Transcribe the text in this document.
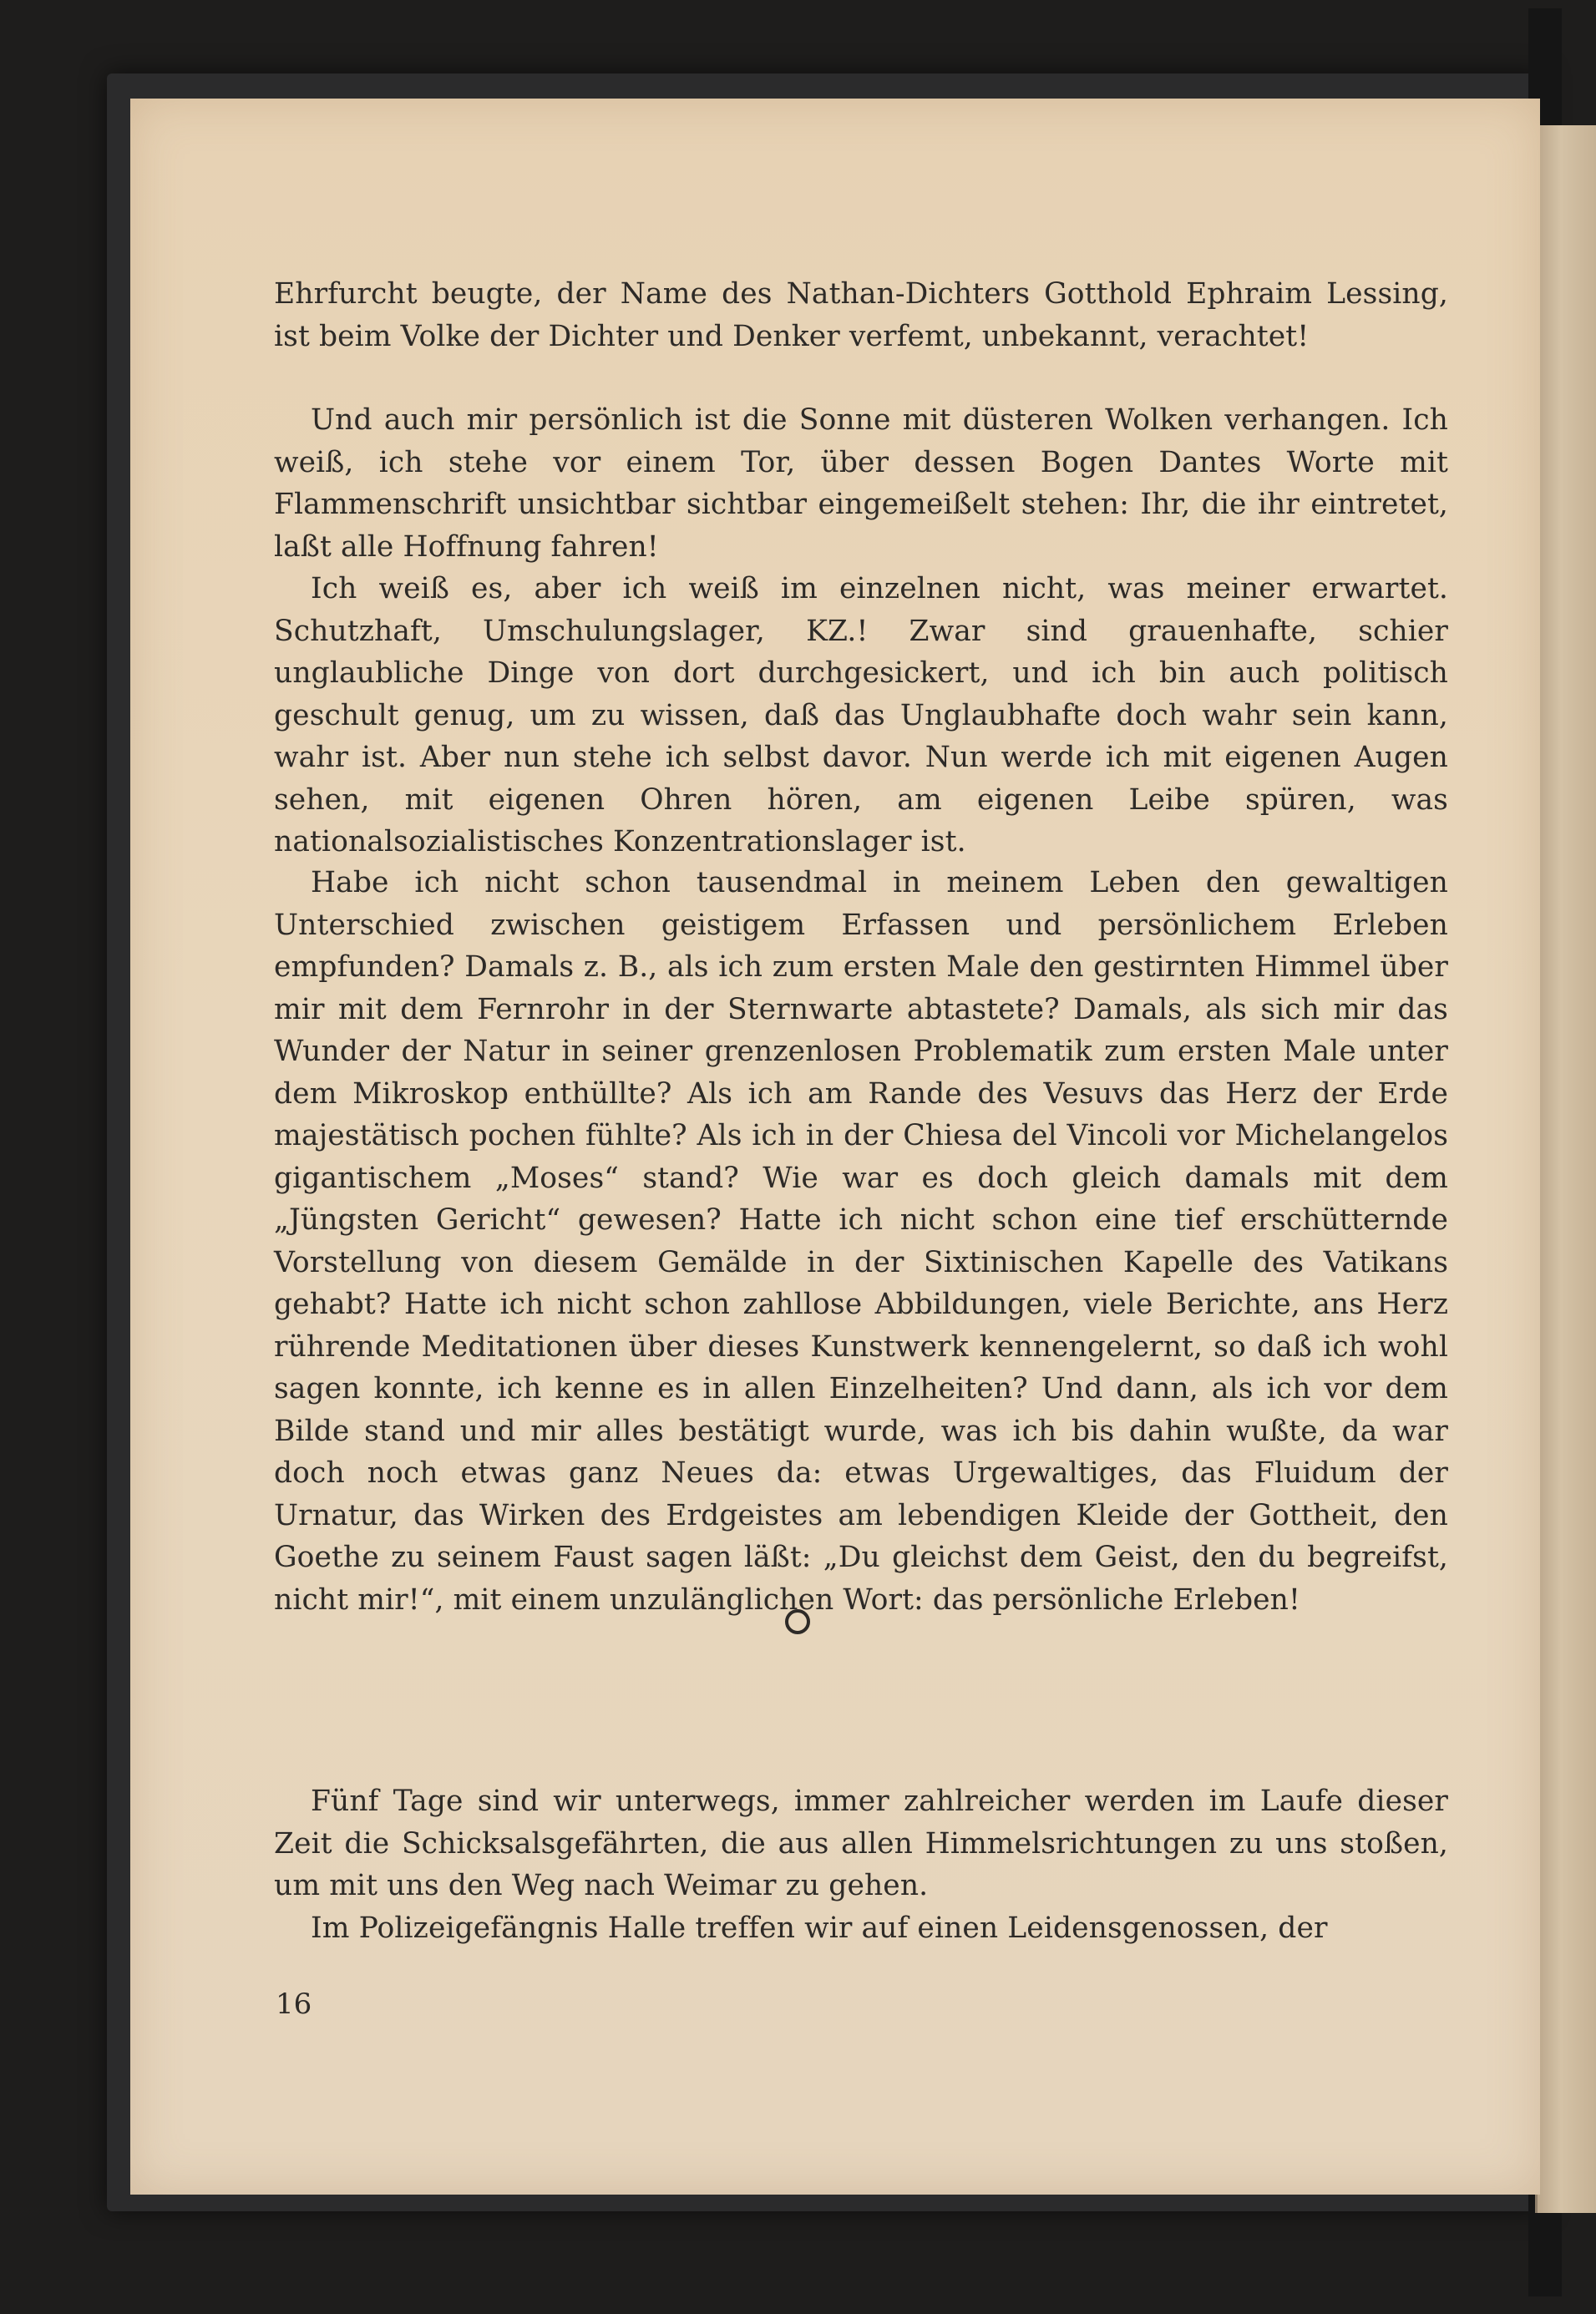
Ehrfurcht beugte, der Name des Nathan-Dichters Gotthold Ephraim Lessing, ist beim Volke der Dichter und Denker verfemt, unbekannt, verachtet!

Und auch mir persönlich ist die Sonne mit düsteren Wolken verhangen. Ich weiß, ich stehe vor einem Tor, über dessen Bogen Dantes Worte mit Flammenschrift unsichtbar sichtbar eingemeißelt stehen: Ihr, die ihr eintretet, laßt alle Hoffnung fahren!

Ich weiß es, aber ich weiß im einzelnen nicht, was meiner erwartet. Schutzhaft, Umschulungslager, KZ.! Zwar sind grauenhafte, schier unglaubliche Dinge von dort durchgesickert, und ich bin auch politisch geschult genug, um zu wissen, daß das Unglaubhafte doch wahr sein kann, wahr ist. Aber nun stehe ich selbst davor. Nun werde ich mit eigenen Augen sehen, mit eigenen Ohren hören, am eigenen Leibe spüren, was nationalsozialistisches Konzentrationslager ist.

Habe ich nicht schon tausendmal in meinem Leben den gewaltigen Unterschied zwischen geistigem Erfassen und persönlichem Erleben empfunden? Damals z. B., als ich zum ersten Male den gestirnten Himmel über mir mit dem Fernrohr in der Sternwarte abtastete? Damals, als sich mir das Wunder der Natur in seiner grenzenlosen Problematik zum ersten Male unter dem Mikroskop enthüllte? Als ich am Rande des Vesuvs das Herz der Erde majestätisch pochen fühlte? Als ich in der Chiesa del Vincoli vor Michelangelos gigantischem „Moses“ stand? Wie war es doch gleich damals mit dem „Jüngsten Gericht“ gewesen? Hatte ich nicht schon eine tief erschütternde Vorstellung von diesem Gemälde in der Sixtinischen Kapelle des Vatikans gehabt? Hatte ich nicht schon zahllose Abbildungen, viele Berichte, ans Herz rührende Meditationen über dieses Kunstwerk kennengelernt, so daß ich wohl sagen konnte, ich kenne es in allen Einzelheiten? Und dann, als ich vor dem Bilde stand und mir alles bestätigt wurde, was ich bis dahin wußte, da war doch noch etwas ganz Neues da: etwas Urgewaltiges, das Fluidum der Urnatur, das Wirken des Erdgeistes am lebendigen Kleide der Gottheit, den Goethe zu seinem Faust sagen läßt: „Du gleichst dem Geist, den du begreifst, nicht mir!“, mit einem unzulänglichen Wort: das persönliche Erleben!

Fünf Tage sind wir unterwegs, immer zahlreicher werden im Laufe dieser Zeit die Schicksalsgefährten, die aus allen Himmelsrichtungen zu uns stoßen, um mit uns den Weg nach Weimar zu gehen.

Im Polizeigefängnis Halle treffen wir auf einen Leidensgenossen, der

16
